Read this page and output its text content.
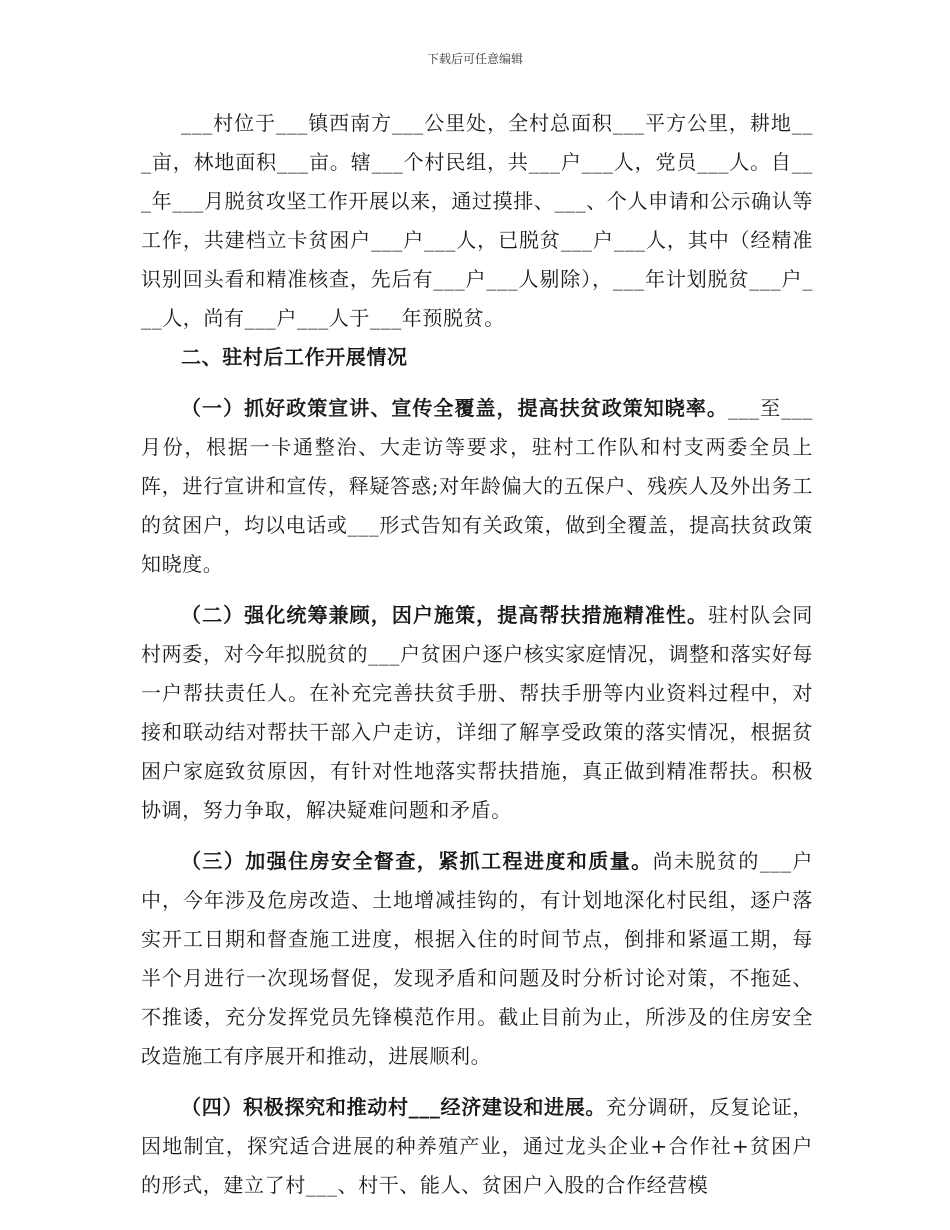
下载后可任意编辑

___村位于___镇西南方___公里处，全村总面积___平方公里，耕地___亩，林地面积___亩。辖___个村民组，共___户___人，党员___人。自___年___月脱贫攻坚工作开展以来，通过摸排、___、个人申请和公示确认等工作，共建档立卡贫困户___户___人，已脱贫___户___人，其中（经精准识别回头看和精准核查，先后有___户___人剔除），___年计划脱贫___户___人，尚有___户___人于___年预脱贫。

二、驻村后工作开展情况

（一）抓好政策宣讲、宣传全覆盖，提高扶贫政策知晓率。___至___月份，根据一卡通整治、大走访等要求，驻村工作队和村支两委全员上阵，进行宣讲和宣传，释疑答惑;对年龄偏大的五保户、残疾人及外出务工的贫困户，均以电话或___形式告知有关政策，做到全覆盖，提高扶贫政策知晓度。

（二）强化统筹兼顾，因户施策，提高帮扶措施精准性。驻村队会同村两委，对今年拟脱贫的___户贫困户逐户核实家庭情况，调整和落实好每一户帮扶责任人。在补充完善扶贫手册、帮扶手册等内业资料过程中，对接和联动结对帮扶干部入户走访，详细了解享受政策的落实情况，根据贫困户家庭致贫原因，有针对性地落实帮扶措施，真正做到精准帮扶。积极协调，努力争取，解决疑难问题和矛盾。

（三）加强住房安全督查，紧抓工程进度和质量。尚未脱贫的___户中，今年涉及危房改造、土地增减挂钩的，有计划地深化村民组，逐户落实开工日期和督查施工进度，根据入住的时间节点，倒排和紧逼工期，每半个月进行一次现场督促，发现矛盾和问题及时分析讨论对策，不拖延、不推诿，充分发挥党员先锋模范作用。截止目前为止，所涉及的住房安全改造施工有序展开和推动，进展顺利。

（四）积极探究和推动村___经济建设和进展。充分调研，反复论证，因地制宜，探究适合进展的种养殖产业，通过龙头企业+合作社+贫困户的形式，建立了村___、村干、能人、贫困户入股的合作经营模
